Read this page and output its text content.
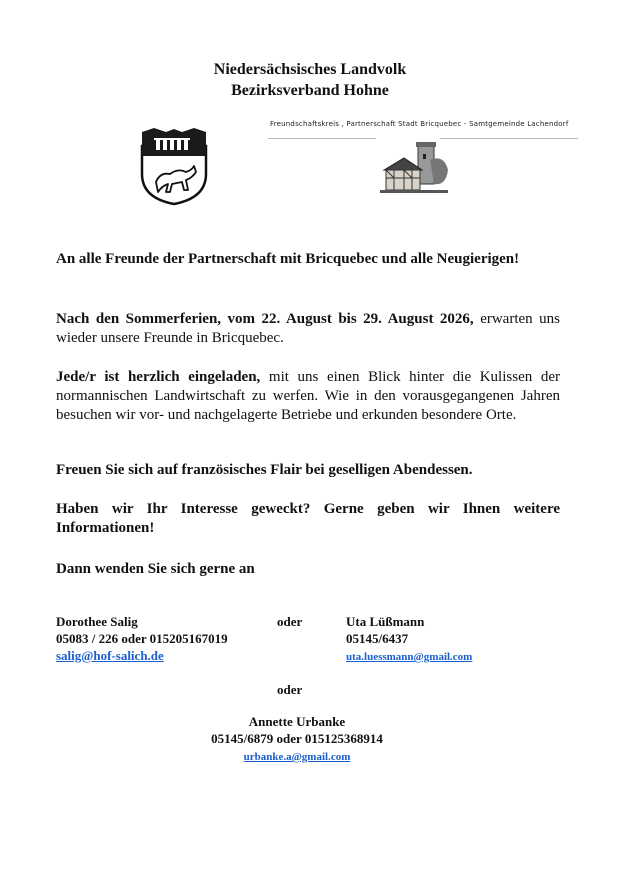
Niedersächsisches Landvolk
Bezirksverband Hohne
Freundschaftskreis , Partnerschaft Stadt Bricquebec - Samtgemeinde Lachendorf

An alle Freunde der Partnerschaft mit Bricquebec und alle Neugierigen!

Nach den Sommerferien, vom 22. August bis 29. August 2026, erwarten uns wieder unsere Freunde in Bricquebec.

Jede/r ist herzlich eingeladen, mit uns einen Blick hinter die Kulissen der normannischen Landwirtschaft zu werfen. Wie in den vorausgegangenen Jahren besuchen wir vor- und nachgelagerte Betriebe und erkunden besondere Orte.

Freuen Sie sich auf französisches Flair bei geselligen Abendessen.

Haben wir Ihr Interesse geweckt? Gerne geben wir Ihnen weitere Informationen!

Dann wenden Sie sich gerne an

Dorothee Salig
05083 / 226 oder 015205167019
salig@hof-salich.de
oder	Uta Lüßmann
05145/6437
uta.luessmann@gmail.com
oder
Annette Urbanke
05145/6879 oder 015125368914
urbanke.a@gmail.com
